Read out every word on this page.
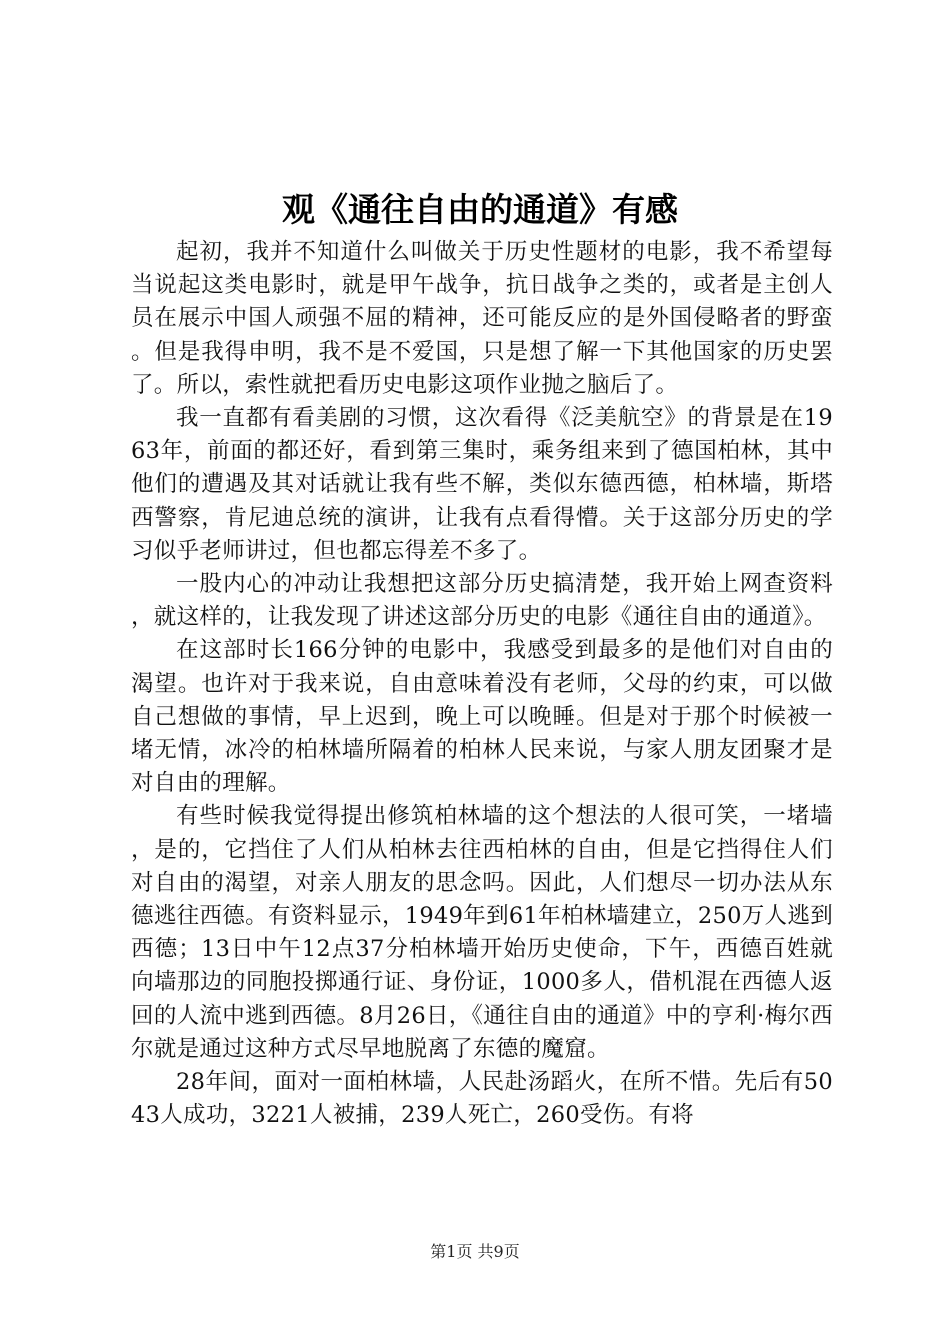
观《通往自由的通道》有感

起初，我并不知道什么叫做关于历史性题材的电影，我不希望每当说起这类电影时，就是甲午战争，抗日战争之类的，或者是主创人员在展示中国人顽强不屈的精神，还可能反应的是外国侵略者的野蛮。但是我得申明，我不是不爱国，只是想了解一下其他国家的历史罢了。所以，索性就把看历史电影这项作业抛之脑后了。

我一直都有看美剧的习惯，这次看得《泛美航空》的背景是在1963年，前面的都还好，看到第三集时，乘务组来到了德国柏林，其中他们的遭遇及其对话就让我有些不解，类似东德西德，柏林墙，斯塔西警察，肯尼迪总统的演讲，让我有点看得懵。关于这部分历史的学习似乎老师讲过，但也都忘得差不多了。

一股内心的冲动让我想把这部分历史搞清楚，我开始上网查资料，就这样的，让我发现了讲述这部分历史的电影《通往自由的通道》。

在这部时长166分钟的电影中，我感受到最多的是他们对自由的渴望。也许对于我来说，自由意味着没有老师，父母的约束，可以做自己想做的事情，早上迟到，晚上可以晚睡。但是对于那个时候被一堵无情，冰冷的柏林墙所隔着的柏林人民来说，与家人朋友团聚才是对自由的理解。

有些时候我觉得提出修筑柏林墙的这个想法的人很可笑，一堵墙，是的，它挡住了人们从柏林去往西柏林的自由，但是它挡得住人们对自由的渴望，对亲人朋友的思念吗。因此，人们想尽一切办法从东德逃往西德。有资料显示，1949年到61年柏林墙建立，250万人逃到西德；13日中午12点37分柏林墙开始历史使命，下午，西德百姓就向墙那边的同胞投掷通行证、身份证，1000多人，借机混在西德人返回的人流中逃到西德。8月26日，《通往自由的通道》中的亨利·梅尔西尔就是通过这种方式尽早地脱离了东德的魔窟。

28年间，面对一面柏林墙，人民赴汤蹈火，在所不惜。先后有5043人成功，3221人被捕，239人死亡，260受伤。有将

第1页 共9页
